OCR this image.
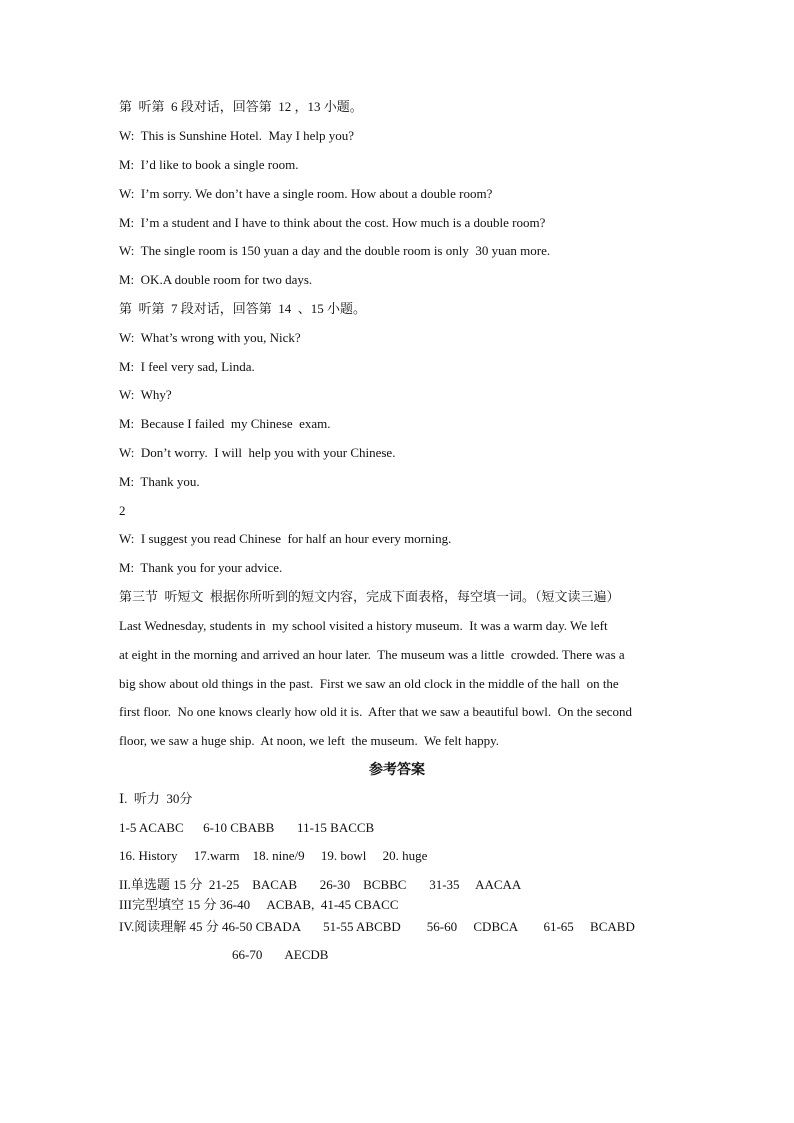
第  听第  6 段对话，回答第  12 ，13 小题。
W:  This is Sunshine Hotel.  May I help you?
M:  I’d like to book a single room.
W:  I’m sorry. We don’t have a single room. How about a double room?
M:  I’m a student and I have to think about the cost. How much is a double room?
W:  The single room is 150 yuan a day and the double room is only  30 yuan more.
M:  OK.A double room for two days.
第  听第  7 段对话，回答第  14  、15 小题。
W:  What’s wrong with you, Nick?
M:  I feel very sad, Linda.
W:  Why?
M:  Because I failed  my Chinese  exam.
W:  Don’t worry.  I will  help you with your Chinese.
M:  Thank you.
2
W:  I suggest you read Chinese  for half an hour every morning.
M:  Thank you for your advice.
第三节  听短文  根据你所听到的短文内容，完成下面表格，每空填一词。（短文读三遍）
Last Wednesday, students in  my school visited a history museum.  It was a warm day. We left
at eight in the morning and arrived an hour later.  The museum was a little  crowded. There was a
big show about old things in the past.  First we saw an old clock in the middle of the hall  on the
first floor.  No one knows clearly how old it is.  After that we saw a beautiful bowl.  On the second
floor, we saw a huge ship.  At noon, we left  the museum.  We felt happy.
参考答案
Ⅰ.  听力  30分
1-5 ACABC      6-10 CBABB       11-15 BACCB
16. History     17.warm    18. nine/9     19. bowl     20. huge
II.单选题 15 分  21-25    BACAB       26-30    BCBBC       31-35     AACAA
III完型填空 15 分 36-40     ACBAB,  41-45 CBACC
IV.阅读理解 45 分 46-50 CBADA       51-55 ABCBD        56-60     CDBCA        61-65     BCABD
66-70       AECDB
